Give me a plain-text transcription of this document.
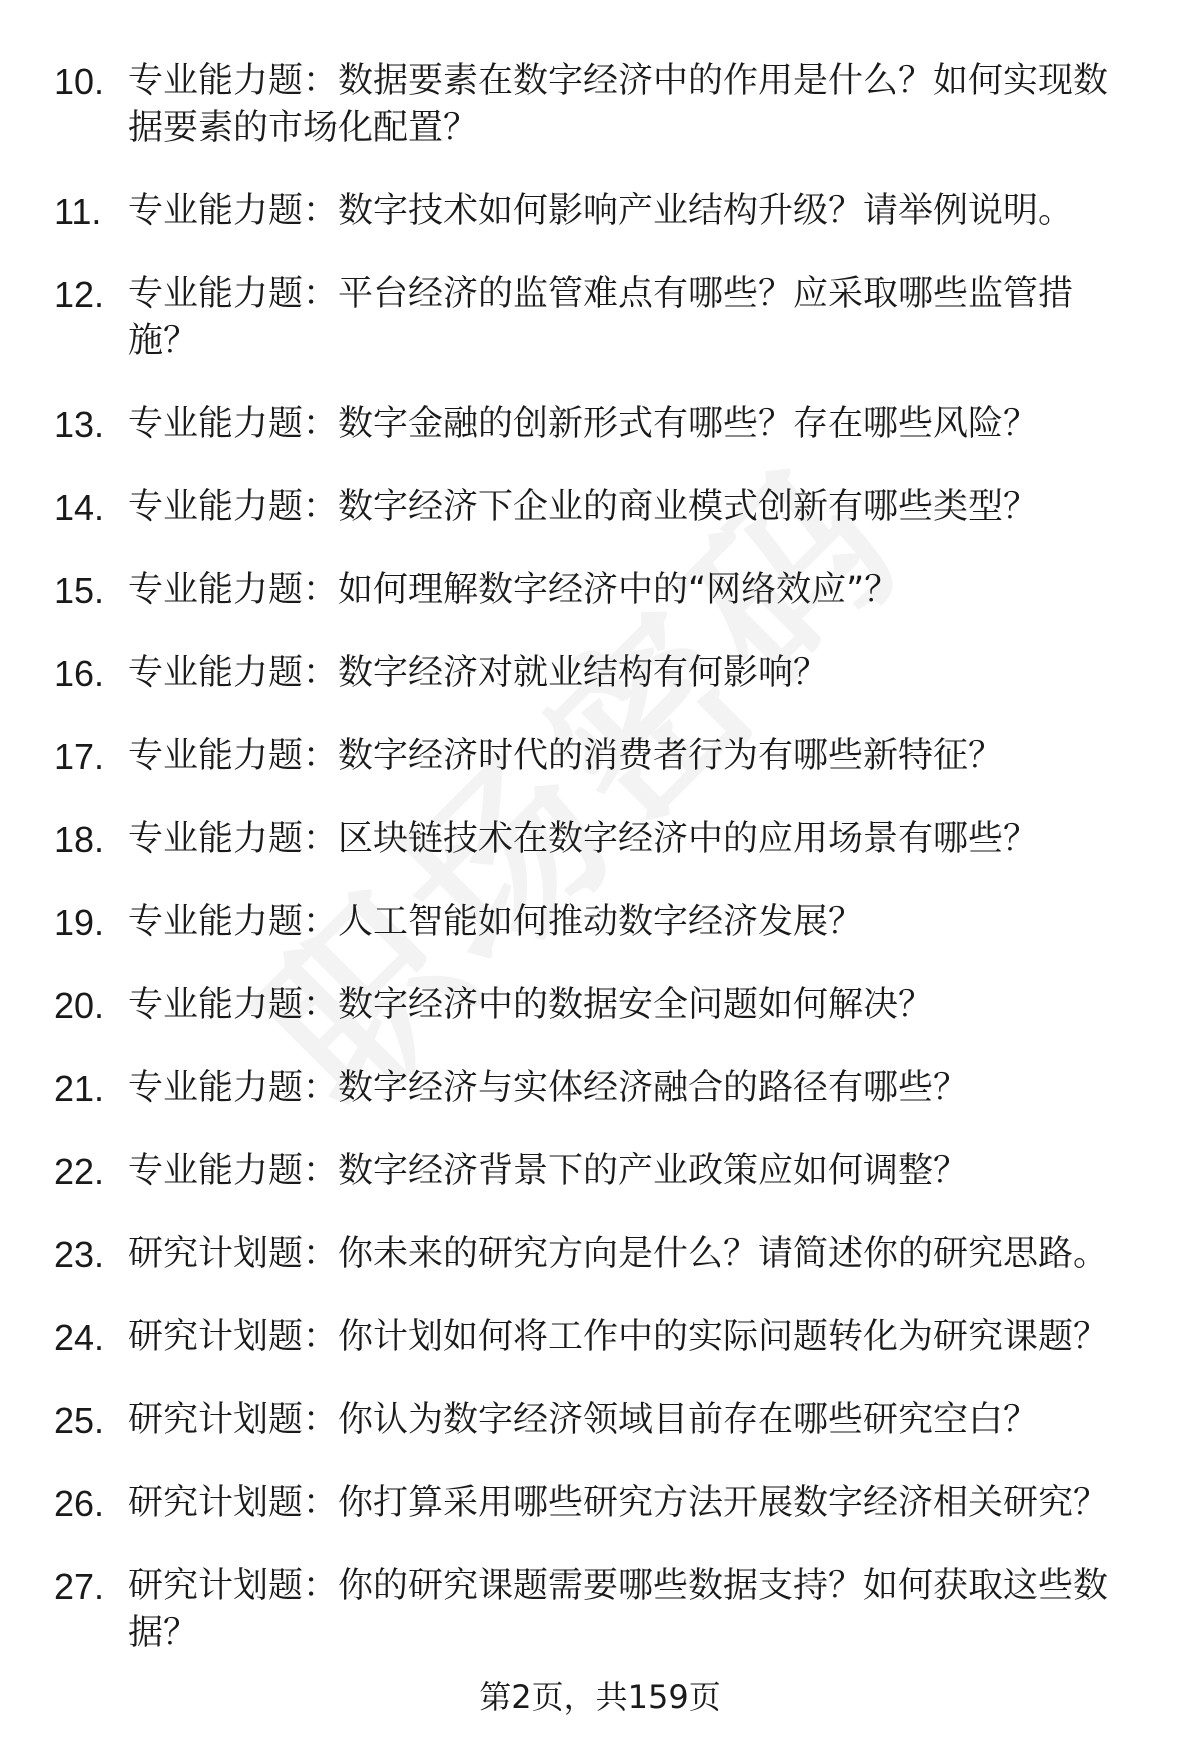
10. 专业能力题：数据要素在数字经济中的作用是什么？如何实现数据要素的市场化配置？
11. 专业能力题：数字技术如何影响产业结构升级？请举例说明。
12. 专业能力题：平台经济的监管难点有哪些？应采取哪些监管措施？
13. 专业能力题：数字金融的创新形式有哪些？存在哪些风险？
14. 专业能力题：数字经济下企业的商业模式创新有哪些类型？
15. 专业能力题：如何理解数字经济中的“网络效应”？
16. 专业能力题：数字经济对就业结构有何影响？
17. 专业能力题：数字经济时代的消费者行为有哪些新特征？
18. 专业能力题：区块链技术在数字经济中的应用场景有哪些？
19. 专业能力题：人工智能如何推动数字经济发展？
20. 专业能力题：数字经济中的数据安全问题如何解决？
21. 专业能力题：数字经济与实体经济融合的路径有哪些？
22. 专业能力题：数字经济背景下的产业政策应如何调整？
23. 研究计划题：你未来的研究方向是什么？请简述你的研究思路。
24. 研究计划题：你计划如何将工作中的实际问题转化为研究课题？
25. 研究计划题：你认为数字经济领域目前存在哪些研究空白？
26. 研究计划题：你打算采用哪些研究方法开展数字经济相关研究？
27. 研究计划题：你的研究课题需要哪些数据支持？如何获取这些数据？
第2页，共159页
